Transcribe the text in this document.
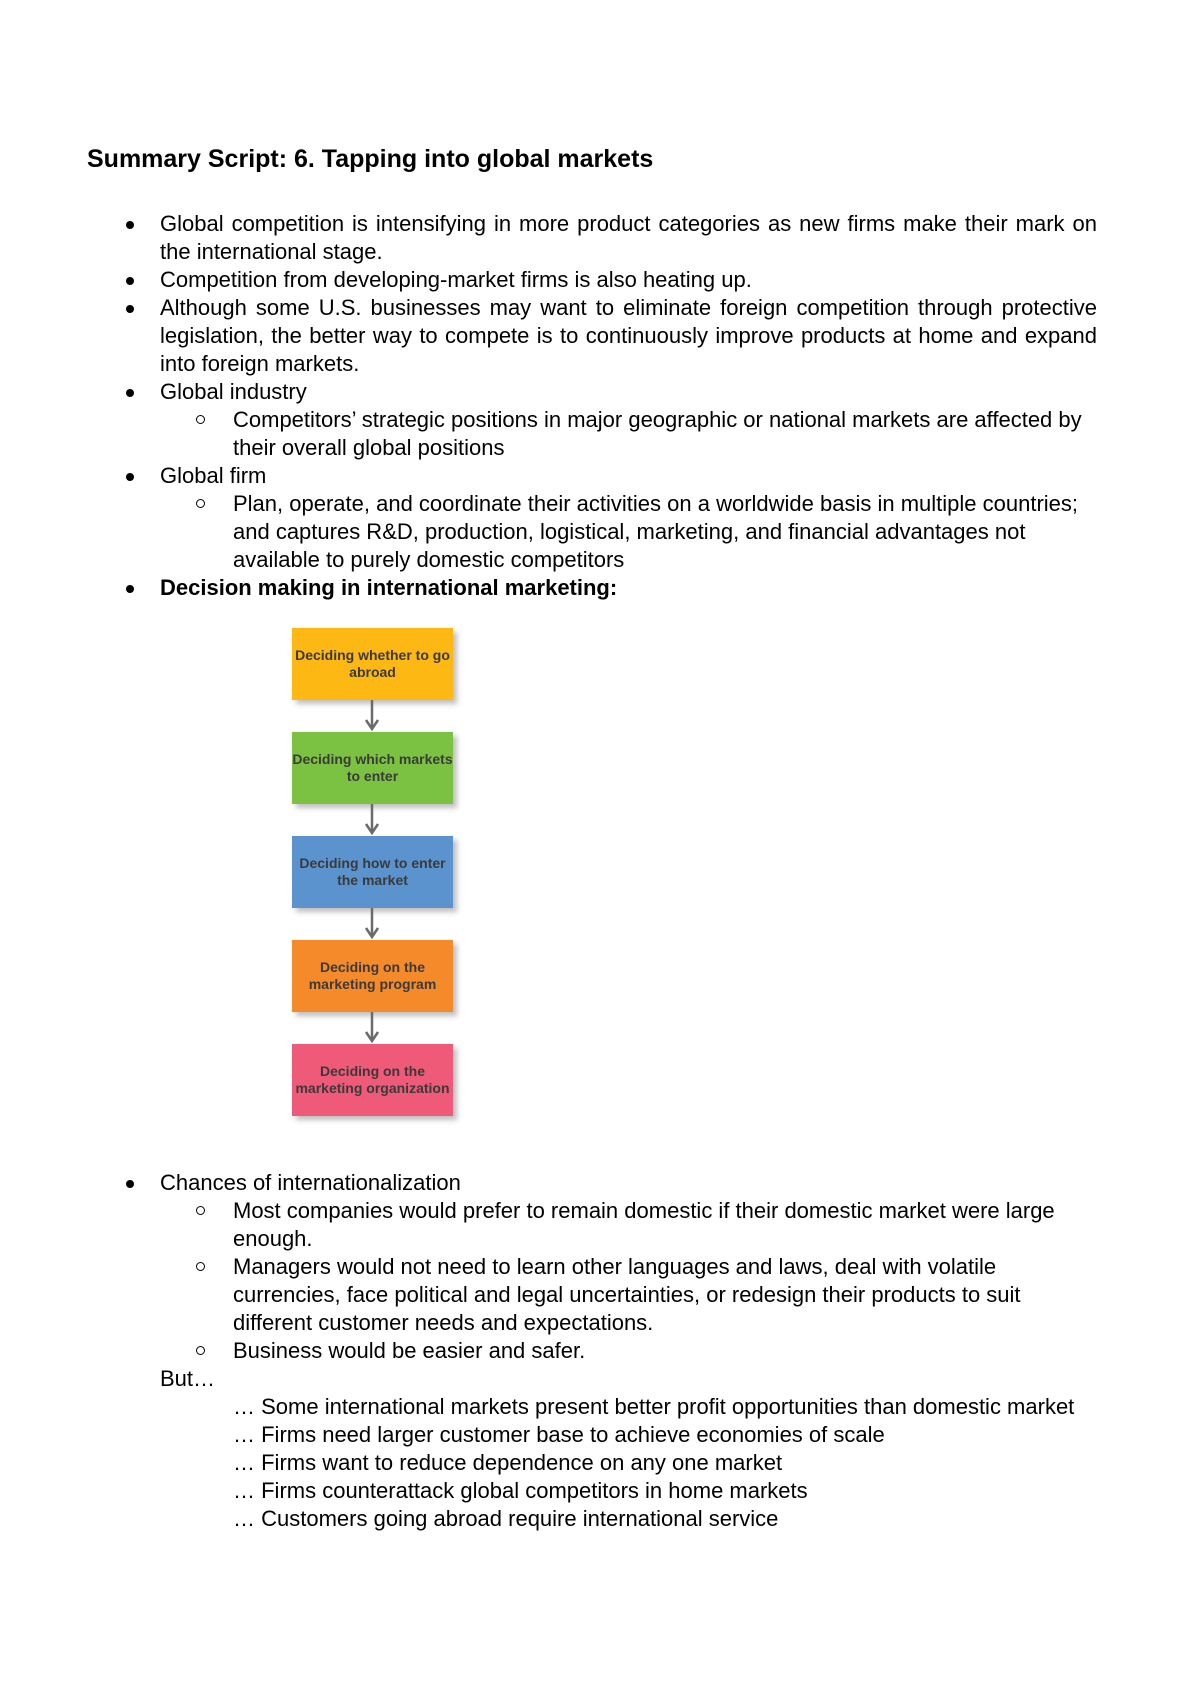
Summary Script: 6. Tapping into global markets
Global competition is intensifying in more product categories as new firms make their mark on the international stage.
Competition from developing-market firms is also heating up.
Although some U.S. businesses may want to eliminate foreign competition through protective legislation, the better way to compete is to continuously improve products at home and expand into foreign markets.
Global industry
Competitors’ strategic positions in major geographic or national markets are affected by their overall global positions
Global firm
Plan, operate, and coordinate their activities on a worldwide basis in multiple countries; and captures R&D, production, logistical, marketing, and financial advantages not available to purely domestic competitors
Decision making in international marketing:
Deciding whether to go abroad
Deciding which markets to enter
Deciding how to enter the market
Deciding on the marketing program
Deciding on the marketing organization
Chances of internationalization
Most companies would prefer to remain domestic if their domestic market were large enough.
Managers would not need to learn other languages and laws, deal with volatile currencies, face political and legal uncertainties, or redesign their products to suit different customer needs and expectations.
Business would be easier and safer.
But…
… Some international markets present better profit opportunities than domestic market
… Firms need larger customer base to achieve economies of scale
… Firms want to reduce dependence on any one market
… Firms counterattack global competitors in home markets
… Customers going abroad require international service
